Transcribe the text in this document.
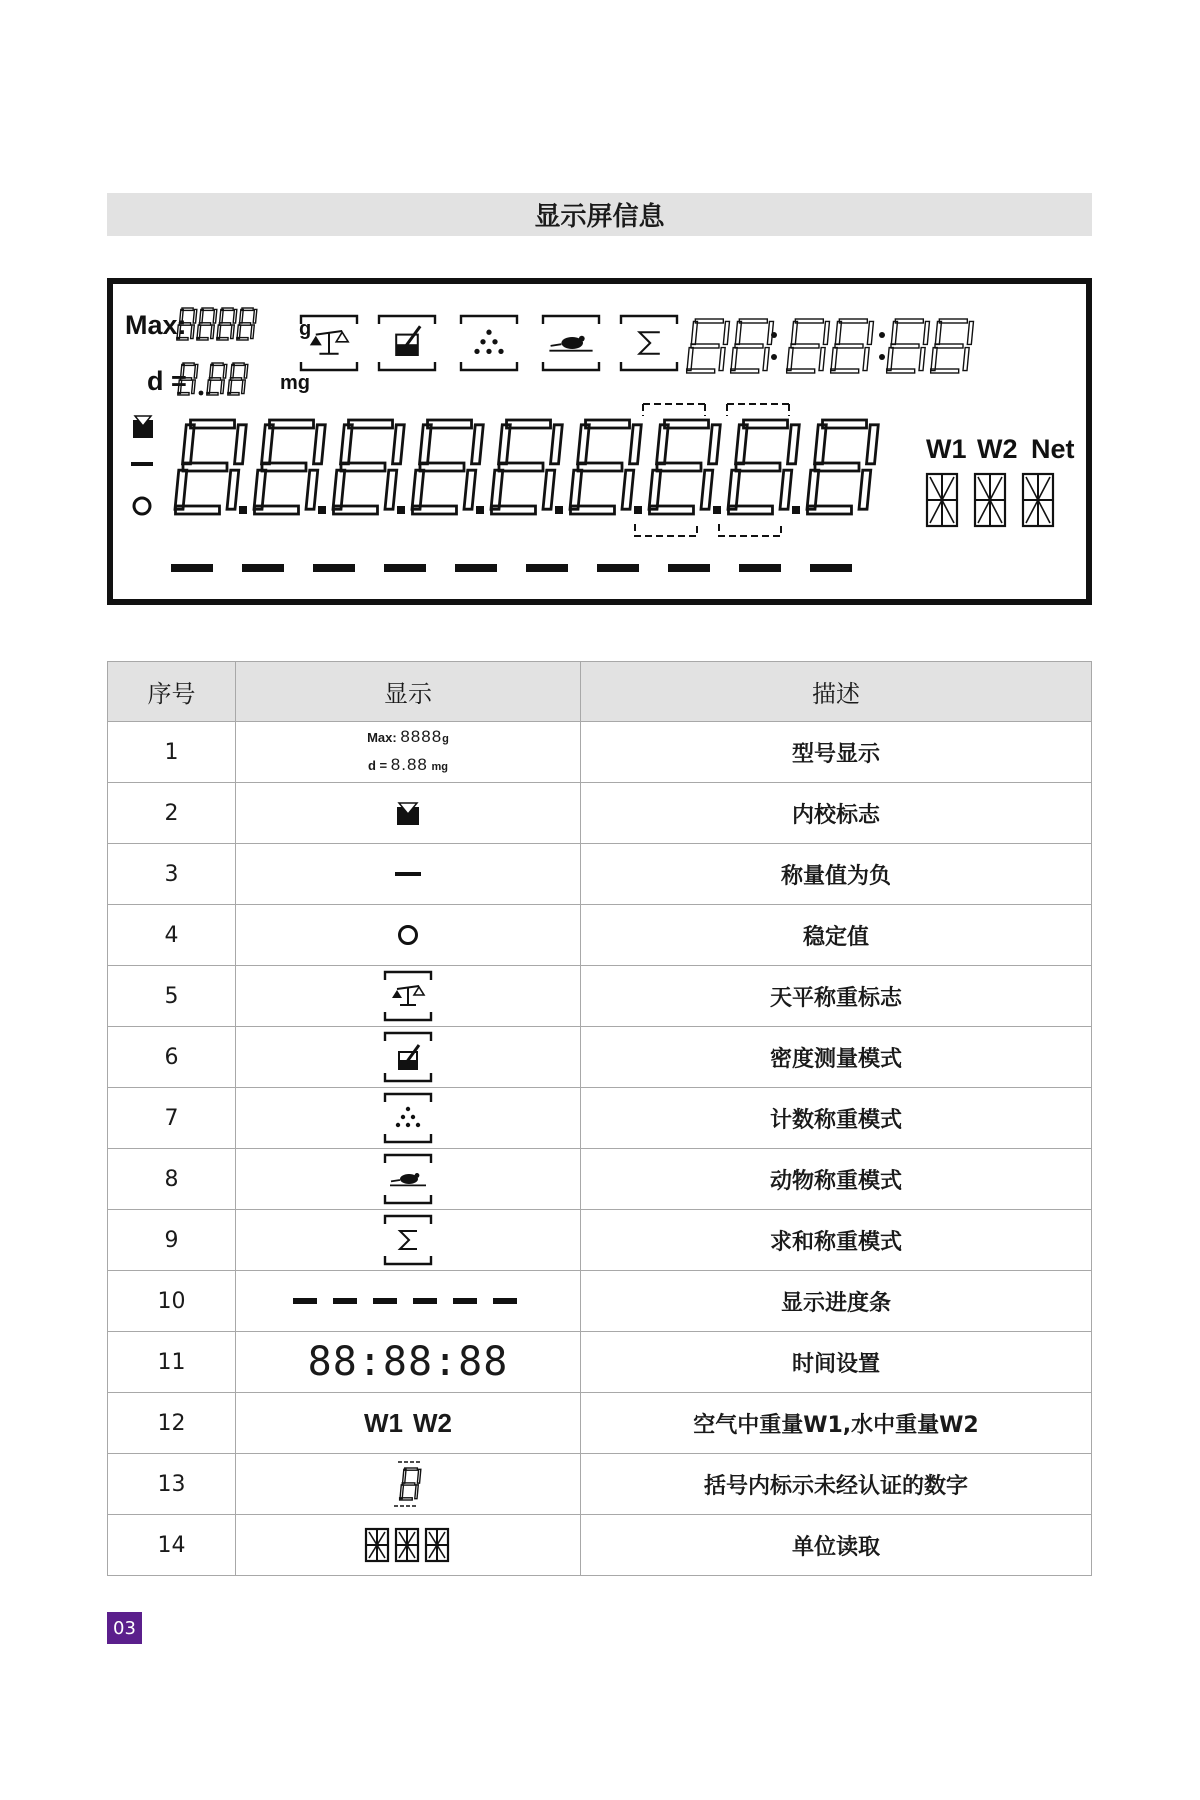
显示屏信息
Max:	g
d =	mg
W1 W2 Net
序号	显示	描述
1	Max: 8888g
d = 8.88 mg	型号显示
2		内校标志
3		称量值为负
4		稳定值
5		天平称重标志
6		密度测量模式
7		计数称重模式
8		动物称重模式
9		求和称重模式
10		显示进度条
11	88:88:88	时间设置
12	W1 W2	空气中重量W1,水中重量W2
13		括号内标示未经认证的数字
14		单位读取
03
